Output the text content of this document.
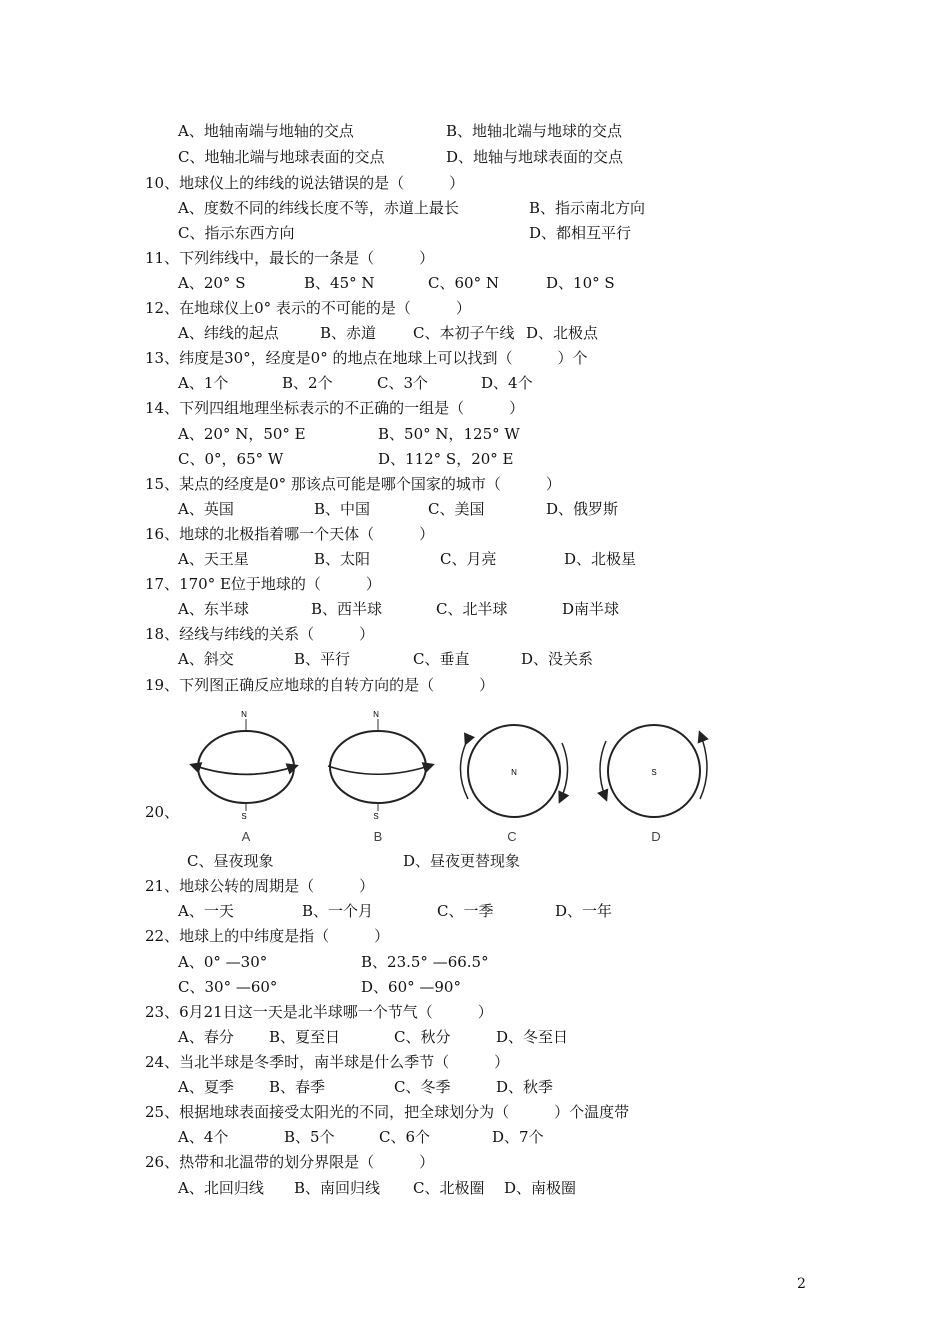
A、地轴南端与地轴的交点	B、地轴北端与地球的交点
C、地轴北端与地球表面的交点	D、地轴与地球表面的交点
10、地球仪上的纬线的说法错误的是（　　　）
A、度数不同的纬线长度不等，赤道上最长	B、指示南北方向
C、指示东西方向	D、都相互平行
11、下列纬线中，最长的一条是（　　　）
A、20° S	B、45° N	C、60° N	D、10° S
12、在地球仪上0° 表示的不可能的是（　　　）
A、纬线的起点	B、赤道 C、本初子午线 D、北极点
13、纬度是30°，经度是0° 的地点在地球上可以找到（　　　）个
A、1个	B、2个	C、3个	D、4个
14、下列四组地理坐标表示的不正确的一组是（　　　）
A、20° N，50° E	B、50° N，125° W
C、0°，65° W	D、112° S，20° E
15、某点的经度是0° 那该点可能是哪个国家的城市（　　　）
A、英国	B、中国	C、美国	D、俄罗斯
16、地球的北极指着哪一个天体（　　　）
A、天王星	B、太阳	C、月亮	D、北极星
17、170° E位于地球的（　　　）
A、东半球	B、西半球	C、北半球	D南半球
18、经线与纬线的关系（　　　）
A、斜交	B、平行	C、垂直	D、没关系
19、下列图正确反应地球的自转方向的是（　　　）
20、
C、昼夜现象	D、昼夜更替现象
21、地球公转的周期是（　　　）
A、一天	B、一个月	C、一季	D、一年
22、地球上的中纬度是指（　　　）
A、0° —30°	B、23.5° —66.5°
C、30° —60°	D、60° —90°
23、6月21日这一天是北半球哪一个节气（　　　）
A、春分 B、夏至日	C、秋分	D、冬至日
24、当北半球是冬季时，南半球是什么季节（　　　）
A、夏季 B、春季	C、冬季	D、秋季
25、根据地球表面接受太阳光的不同，把全球划分为（　　　）个温度带
A、4个	B、5个	C、6个	D、7个
26、热带和北温带的划分界限是（　　　）
A、北回归线 B、南回归线 C、北极圈 D、南极圈
N
S
A
N
S
B
N
C
S
D
2
